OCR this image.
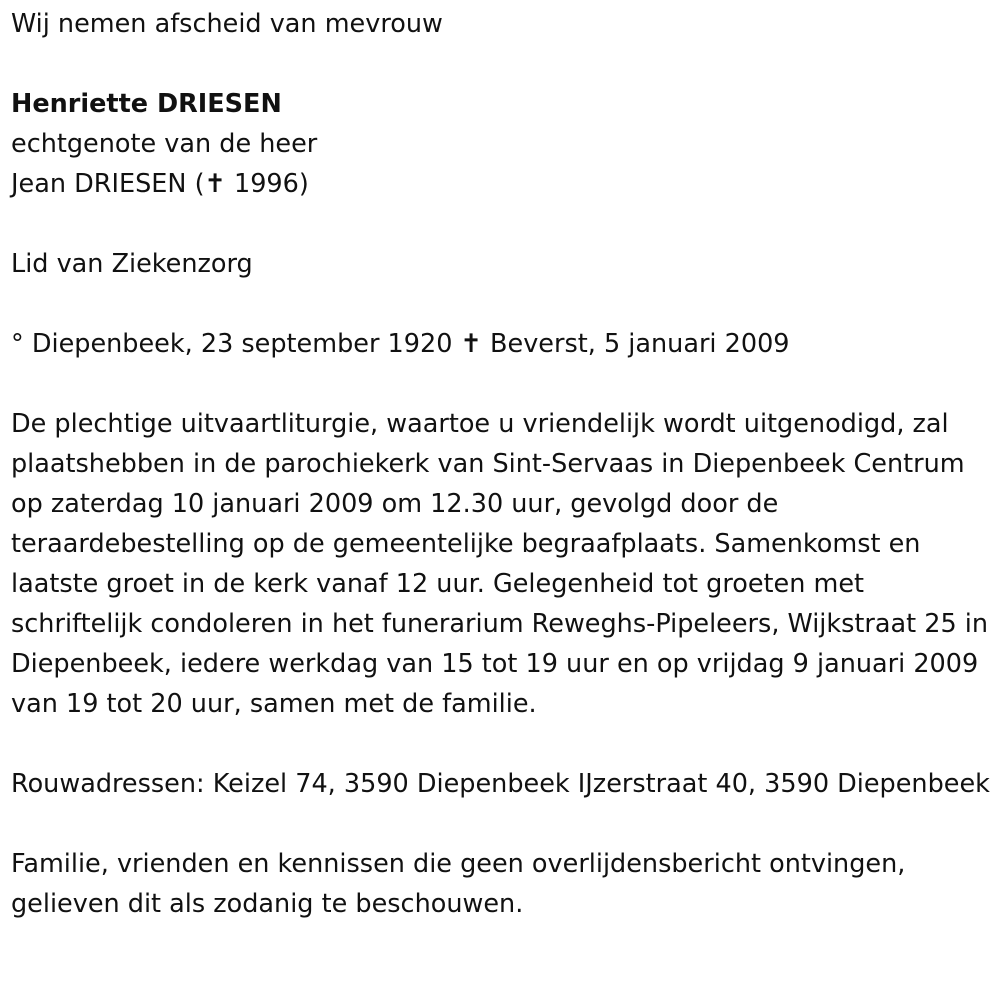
Wij nemen afscheid van mevrouw
Henriette DRIESEN
echtgenote van de heer
Jean DRIESEN (✝ 1996)
Lid van Ziekenzorg
° Diepenbeek, 23 september 1920 ✝ Beverst, 5 januari 2009
De plechtige uitvaartliturgie, waartoe u vriendelijk wordt uitgenodigd, zal plaatshebben in de parochiekerk van Sint-Servaas in Diepenbeek Centrum op zaterdag 10 januari 2009 om 12.30 uur, gevolgd door de teraardebestelling op de gemeentelijke begraafplaats. Samenkomst en laatste groet in de kerk vanaf 12 uur. Gelegenheid tot groeten met schriftelijk condoleren in het funerarium Reweghs-Pipeleers, Wijkstraat 25 in Diepenbeek, iedere werkdag van 15 tot 19 uur en op vrijdag 9 januari 2009 van 19 tot 20 uur, samen met de familie.
Rouwadressen: Keizel 74, 3590 Diepenbeek IJzerstraat 40, 3590 Diepenbeek
Familie, vrienden en kennissen die geen overlijdensbericht ontvingen, gelieven dit als zodanig te beschouwen.
